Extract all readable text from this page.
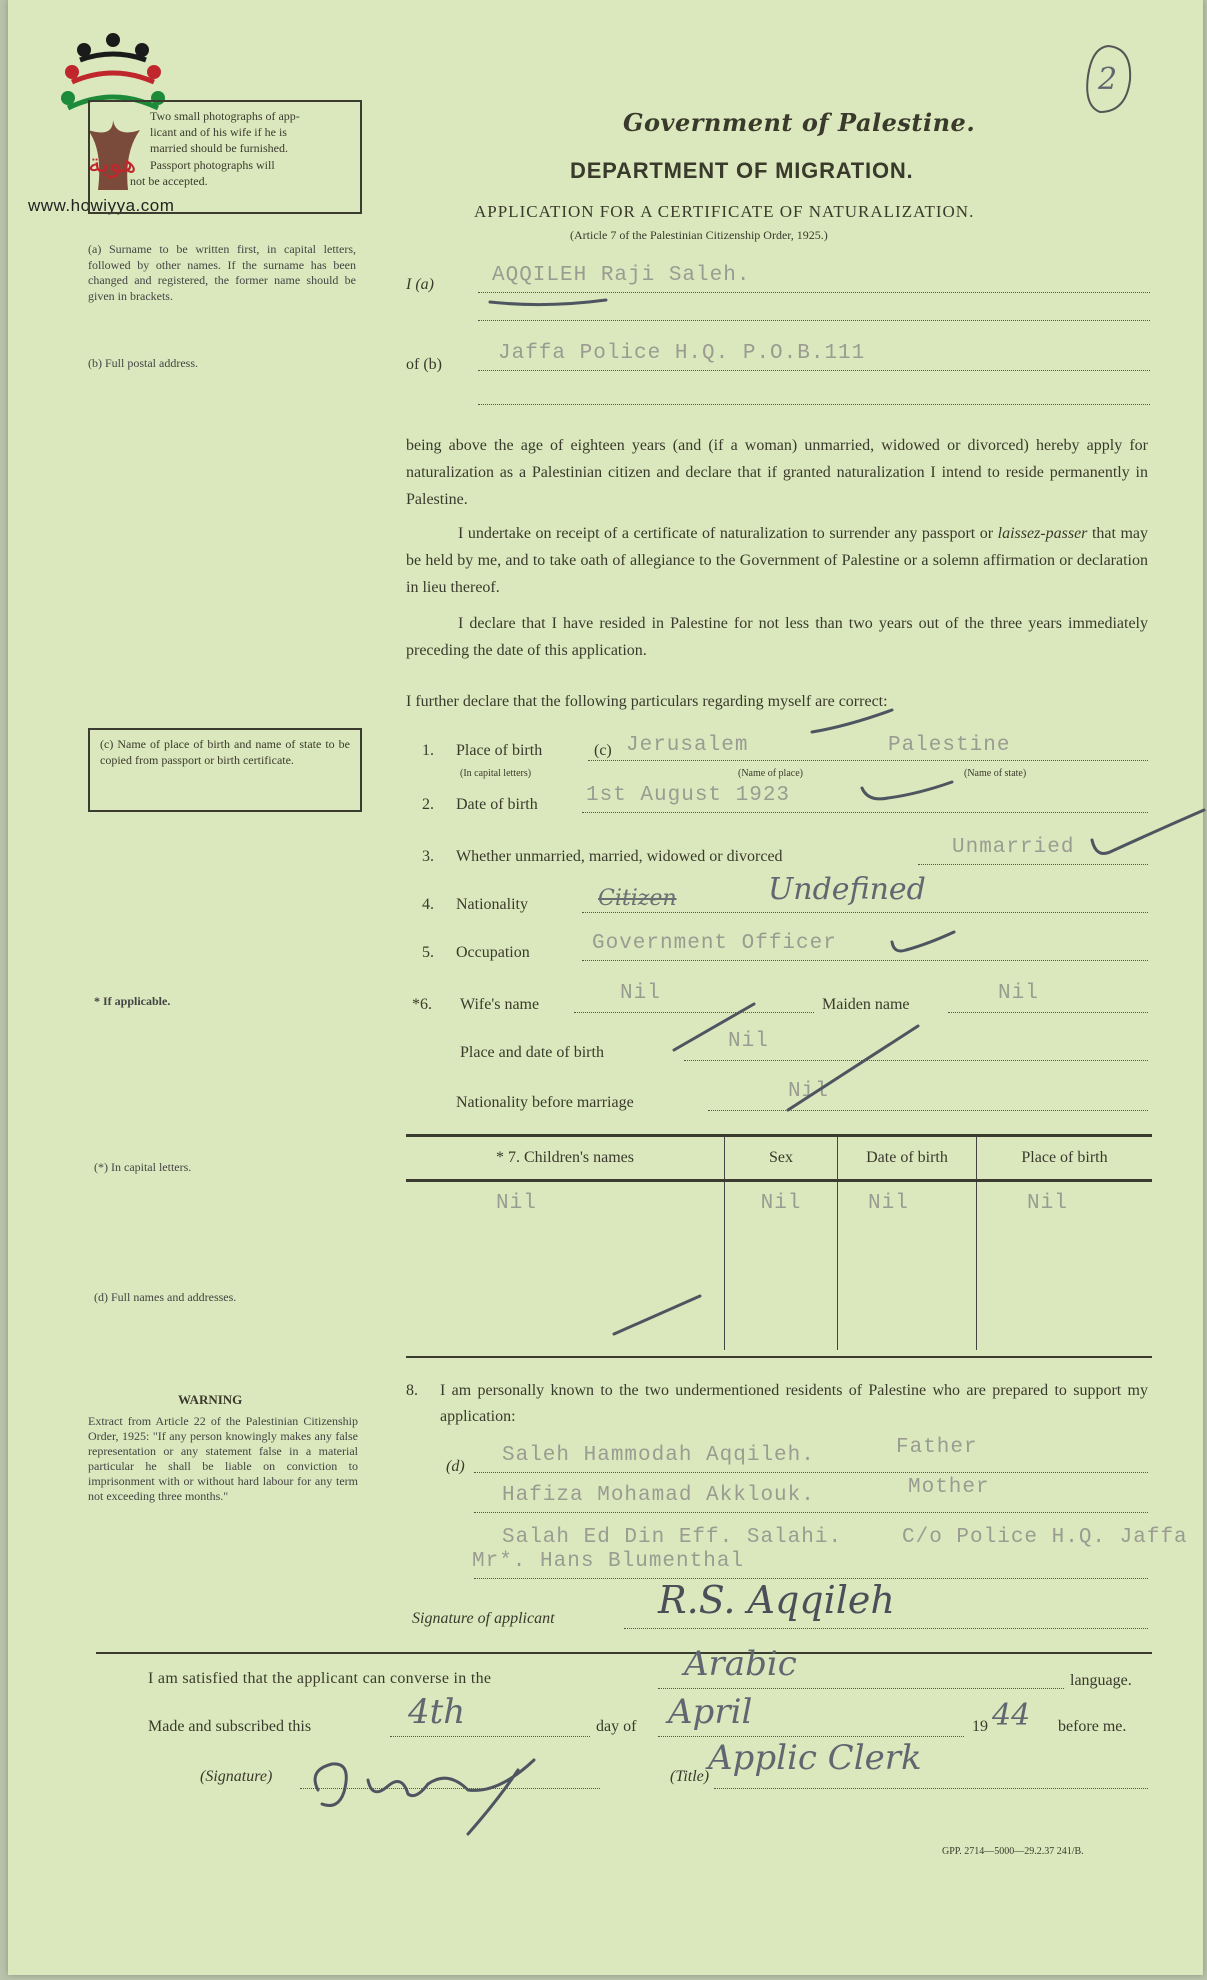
هوية
www.howiyya.com
2
Two small photographs of app-
licant and of his wife if he is
married should be furnished.
Passport photographs will
not be accepted.
Government of Palestine.
DEPARTMENT OF MIGRATION.
APPLICATION FOR A CERTIFICATE OF NATURALIZATION.
(Article 7 of the Palestinian Citizenship Order, 1925.)
(a) Surname to be written first, in capital letters, followed by other names. If the surname has been changed and registered, the former name should be given in brackets.
(b) Full postal address.
I (a)	AQQILEH Raji Saleh.
of (b)	Jaffa Police H.Q. P.O.B.111
being above the age of eighteen years (and (if a woman) unmarried, widowed or divorced) hereby apply for naturalization as a Palestinian citizen and declare that if granted naturalization I intend to reside permanently in Palestine.
I undertake on receipt of a certificate of naturalization to surrender any passport or laissez-passer that may be held by me, and to take oath of allegiance to the Government of Palestine or a solemn affirmation or declaration in lieu thereof.
I declare that I have resided in Palestine for not less than two years out of the three years immediately preceding the date of this application.
I further declare that the following particulars regarding myself are correct:
(c) Name of place of birth and name of state to be copied from passport or birth certificate.
1. Place of birth	(c) Jerusalem	Palestine
(In capital letters)	(Name of place)	(Name of state)
2. Date of birth 1st August 1923
3. Whether unmarried, married, widowed or divorced	Unmarried
4. Nationality	Citizen	Undefined
5. Occupation	Government Officer
* If applicable.	*6. Wife's name	Nil	Maiden name	Nil
Place and date of birth	Nil
Nationality before marriage	Nil
(*) In capital letters.
* 7. Children's names	Sex	Date of birth	Place of birth
Nil	Nil	Nil	Nil

(d) Full names and addresses.
WARNING
Extract from Article 22 of the Palestinian Citizenship Order, 1925: "If any person knowingly makes any false representation or any statement false in a material particular he shall be liable on conviction to imprisonment with or without hard labour for any term not exceeding three months."
8. I am personally known to the two undermentioned residents of Palestine who are prepared to support my application:
(d) Saleh Hammodah Aqqileh.	Father
Hafiza Mohamad Akklouk.	Mother
Salah Ed Din Eff. Salahi.	C/o Police H.Q. Jaffa
Mr*. Hans Blumenthal
Signature of applicant	R.S. Aqqileh
I am satisfied that the applicant can converse in the	Arabic	language.
Made and subscribed this	4th	day of April	19 44 before me.
(Signature)	(Title)
Applic Clerk
GPP. 2714—5000—29.2.37 241/B.
